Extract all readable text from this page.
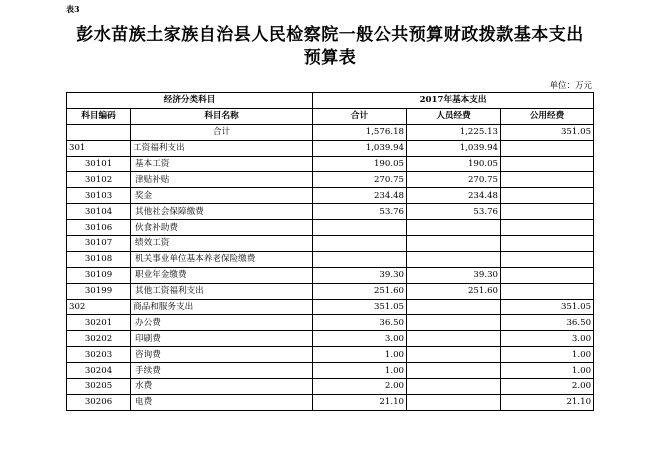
表3
彭水苗族土家族自治县人民检察院一般公共预算财政拨款基本支出
预算表
单位：万元
经济分类科目		2017年基本支出		
科目编码	科目名称	合计	人员经费	公用经费
	合计	1,576.18	1,225.13	351.05
301	工资福利支出	1,039.94	1,039.94	
30101	基本工资	190.05	190.05	
30102	津贴补贴	270.75	270.75	
30103	奖金	234.48	234.48	
30104	其他社会保障缴费	53.76	53.76	
30106	伙食补助费			
30107	绩效工资			
30108	机关事业单位基本养老保险缴费			
30109	职业年金缴费	39.30	39.30	
30199	其他工资福利支出	251.60	251.60	
302	商品和服务支出	351.05		351.05
30201	办公费	36.50		36.50
30202	印刷费	3.00		3.00
30203	咨询费	1.00		1.00
30204	手续费	1.00		1.00
30205	水费	2.00		2.00
30206	电费	21.10		21.10
